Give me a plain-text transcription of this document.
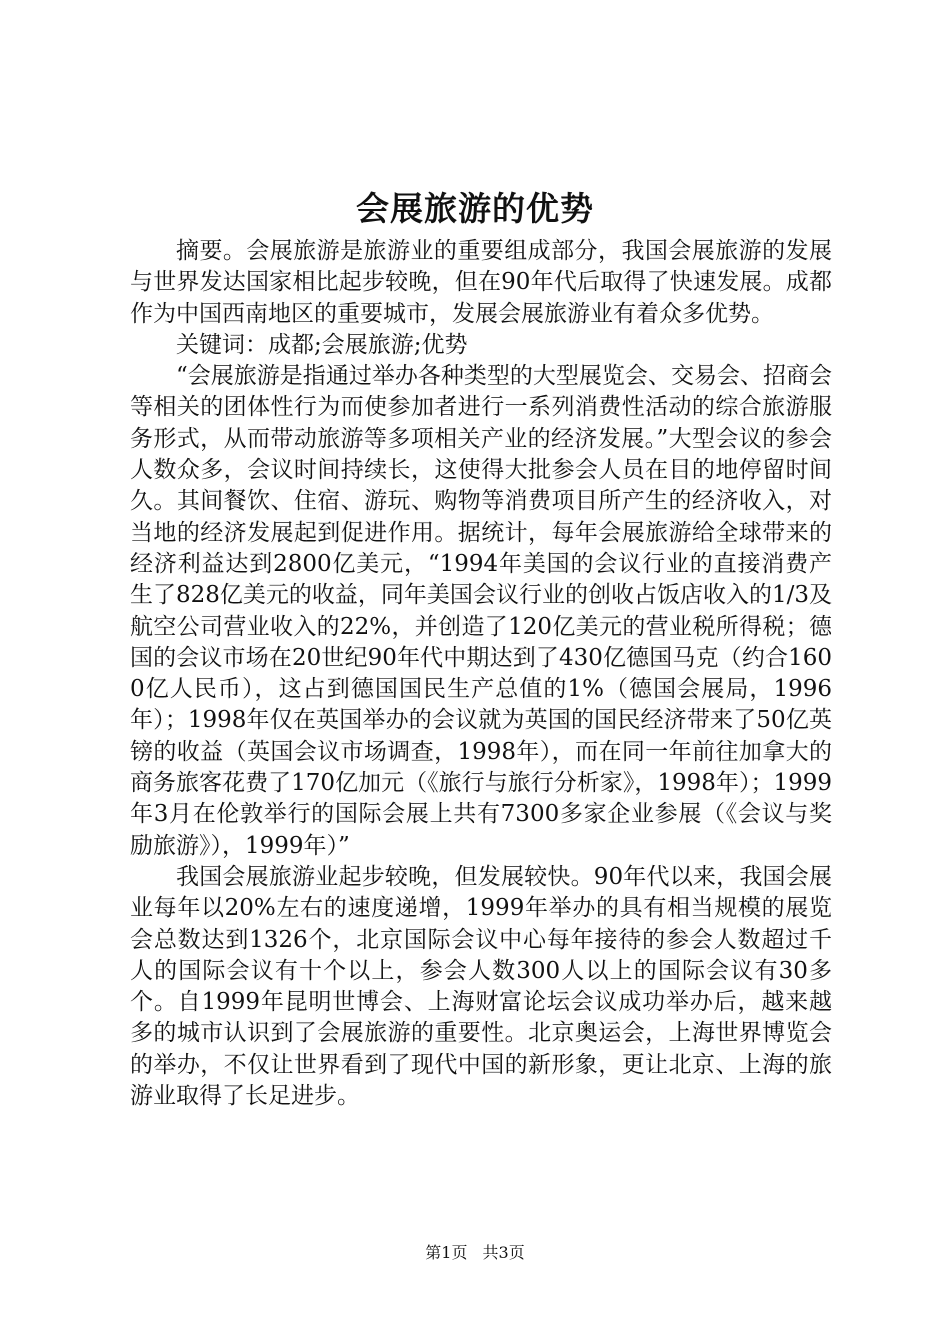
会展旅游的优势

摘要。会展旅游是旅游业的重要组成部分，我国会展旅游的发展与世界发达国家相比起步较晚，但在90年代后取得了快速发展。成都作为中国西南地区的重要城市，发展会展旅游业有着众多优势。

关键词：成都;会展旅游;优势

“会展旅游是指通过举办各种类型的大型展览会、交易会、招商会等相关的团体性行为而使参加者进行一系列消费性活动的综合旅游服务形式，从而带动旅游等多项相关产业的经济发展。”大型会议的参会人数众多，会议时间持续长，这使得大批参会人员在目的地停留时间久。其间餐饮、住宿、游玩、购物等消费项目所产生的经济收入，对当地的经济发展起到促进作用。据统计，每年会展旅游给全球带来的经济利益达到2800亿美元，“1994年美国的会议行业的直接消费产生了828亿美元的收益，同年美国会议行业的创收占饭店收入的1/3及航空公司营业收入的22%，并创造了120亿美元的营业税所得税；德国的会议市场在20世纪90年代中期达到了430亿德国马克（约合1600亿人民币），这占到德国国民生产总值的1%（德国会展局，1996年）；1998年仅在英国举办的会议就为英国的国民经济带来了50亿英镑的收益（英国会议市场调查，1998年），而在同一年前往加拿大的商务旅客花费了170亿加元（《旅行与旅行分析家》，1998年）；1999年3月在伦敦举行的国际会展上共有7300多家企业参展（《会议与奖励旅游》），1999年）”

我国会展旅游业起步较晚，但发展较快。90年代以来，我国会展业每年以20%左右的速度递增，1999年举办的具有相当规模的展览会总数达到1326个，北京国际会议中心每年接待的参会人数超过千人的国际会议有十个以上，参会人数300人以上的国际会议有30多个。自1999年昆明世博会、上海财富论坛会议成功举办后，越来越多的城市认识到了会展旅游的重要性。北京奥运会，上海世界博览会的举办，不仅让世界看到了现代中国的新形象，更让北京、上海的旅游业取得了长足进步。

第1页 共3页
